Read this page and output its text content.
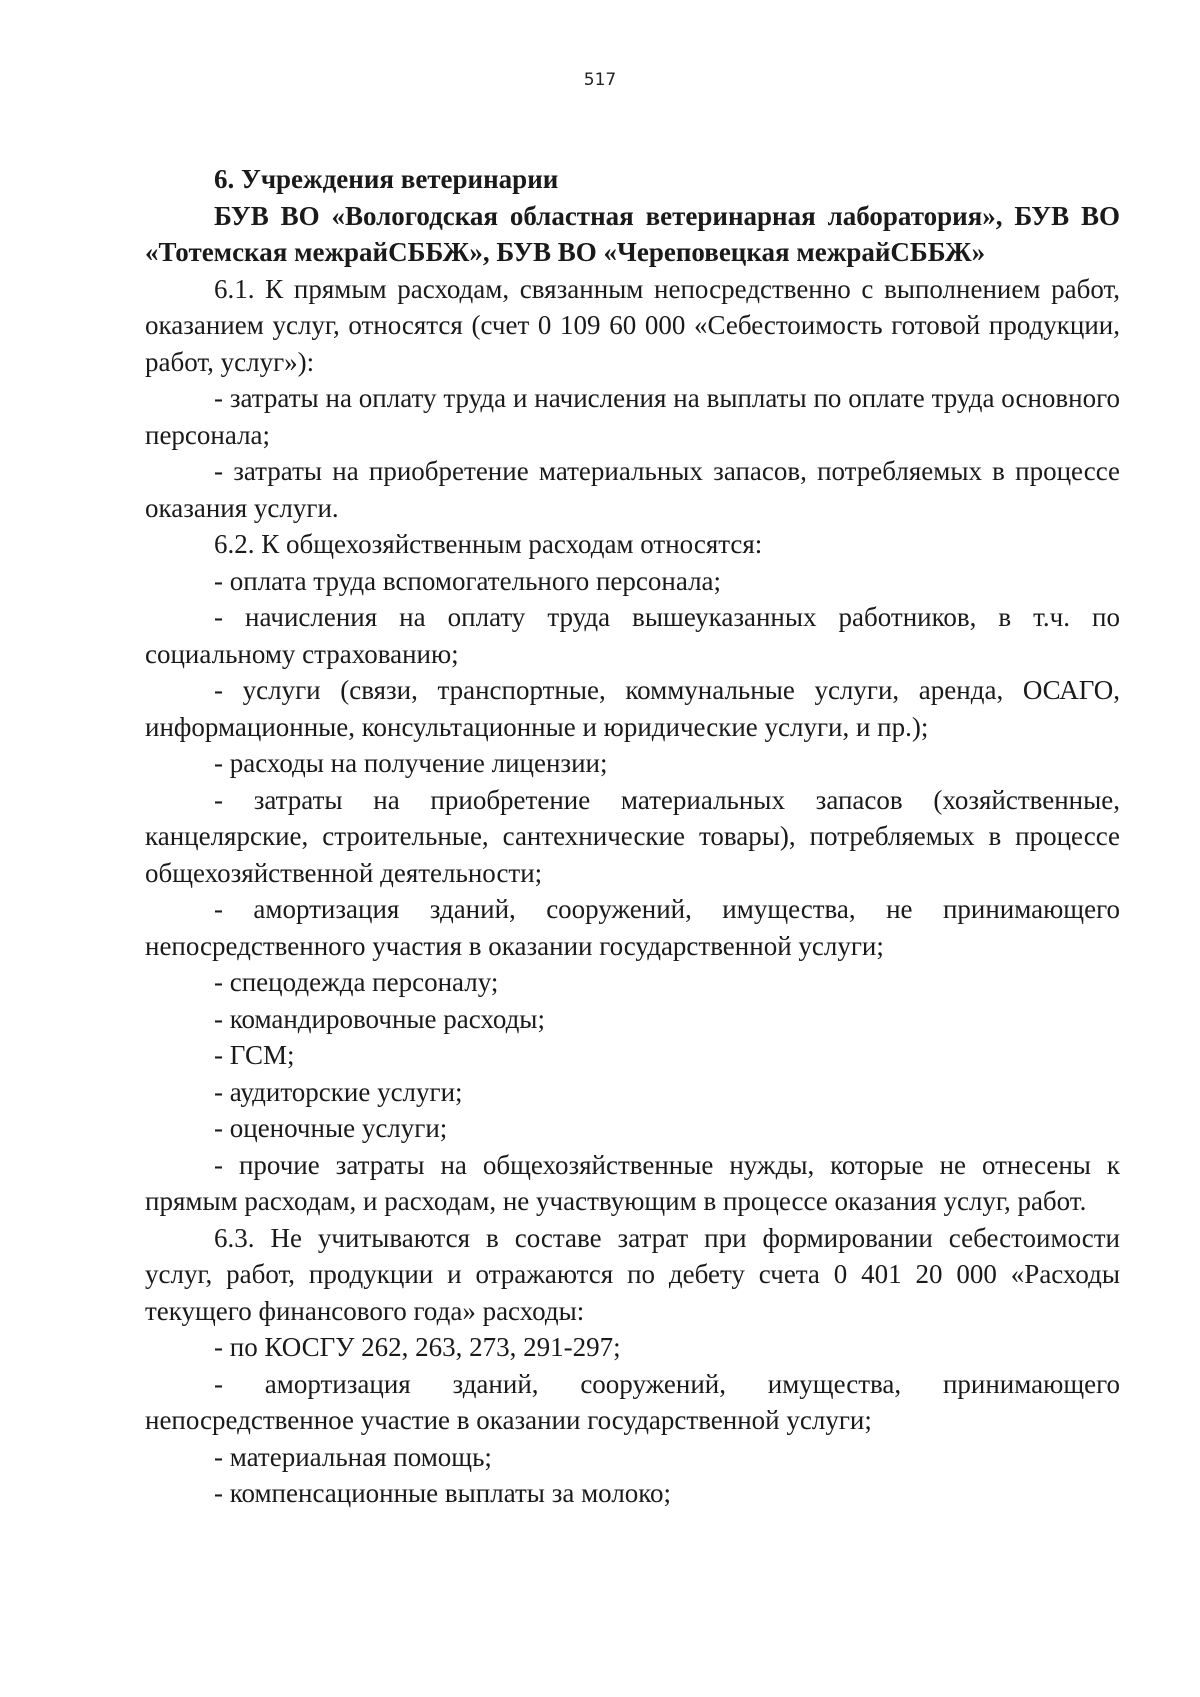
517

6. Учреждения ветеринарии

БУВ ВО «Вологодская областная ветеринарная лаборатория», БУВ ВО «Тотемская межрайСББЖ», БУВ ВО «Череповецкая межрайСББЖ»

6.1. К прямым расходам, связанным непосредственно с выполнением работ, оказанием услуг, относятся (счет 0 109 60 000 «Себестоимость готовой продукции, работ, услуг»):

- затраты на оплату труда и начисления на выплаты по оплате труда основного персонала;

- затраты на приобретение материальных запасов, потребляемых в процессе оказания услуги.

6.2. К общехозяйственным расходам относятся:

- оплата труда вспомогательного персонала;

- начисления на оплату труда вышеуказанных работников, в т.ч. по социальному страхованию;

- услуги (связи, транспортные, коммунальные услуги, аренда, ОСАГО, информационные, консультационные и юридические услуги, и пр.);

- расходы на получение лицензии;

- затраты на приобретение материальных запасов (хозяйственные, канцелярские, строительные, сантехнические товары), потребляемых в процессе общехозяйственной деятельности;

- амортизация зданий, сооружений, имущества, не принимающего непосредственного участия в оказании государственной услуги;

- спецодежда персоналу;

- командировочные расходы;

- ГСМ;

- аудиторские услуги;

- оценочные услуги;

- прочие затраты на общехозяйственные нужды, которые не отнесены к прямым расходам, и расходам, не участвующим в процессе оказания услуг, работ.

6.3. Не учитываются в составе затрат при формировании себестоимости услуг, работ, продукции и отражаются по дебету счета 0 401 20 000 «Расходы текущего финансового года» расходы:

- по КОСГУ 262, 263, 273, 291-297;

- амортизация зданий, сооружений, имущества, принимающего непосредственное участие в оказании государственной услуги;

- материальная помощь;

- компенсационные выплаты за молоко;
